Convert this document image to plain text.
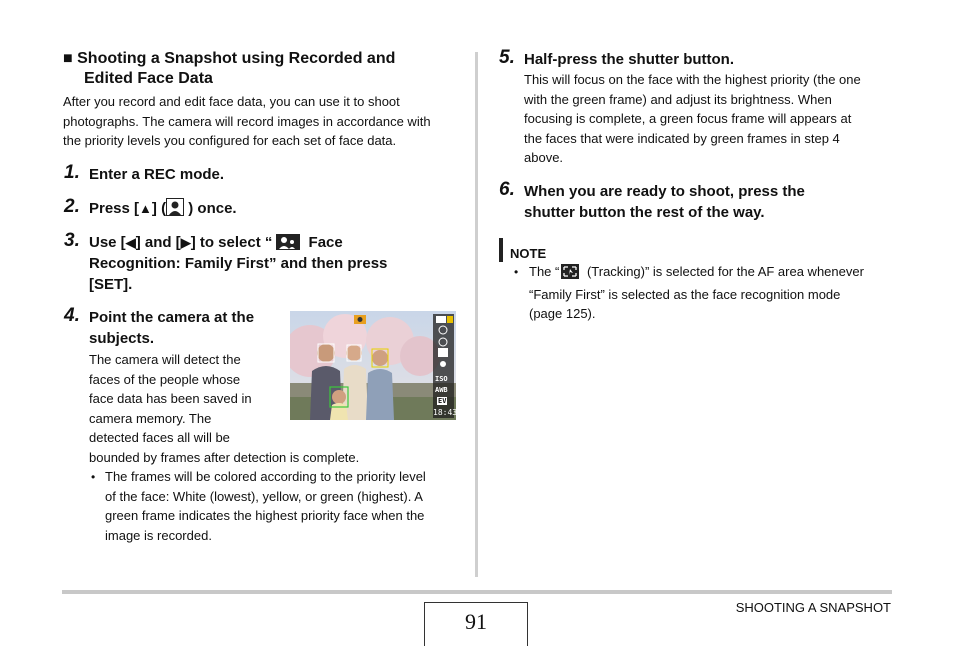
■ Shooting a Snapshot using Recorded and
Edited Face Data
After you record and edit face data, you can use it to shoot
photographs. The camera will record images in accordance with
the priority levels you configured for each set of face data.
1. Enter a REC mode.
2. Press [▲] ( ) once.
3. Use [◀] and [▶] to select “ Face
Recognition: Family First” and then press
[SET].
4. Point the camera at the
subjects.
The camera will detect the
faces of the people whose
face data has been saved in
camera memory. The
detected faces all will be
bounded by frames after detection is complete.
• The frames will be colored according to the priority level
of the face: White (lowest), yellow, or green (highest). A
green frame indicates the highest priority face when the
image is recorded.
ISO
AWB
EV
18:43
5. Half-press the shutter button.
This will focus on the face with the highest priority (the one
with the green frame) and adjust its brightness. When
focusing is complete, a green focus frame will appears at
the faces that were indicated by green frames in step 4
above.
6. When you are ready to shoot, press the
shutter button the rest of the way.
NOTE
• The “ (Tracking)” is selected for the AF area whenever
“Family First” is selected as the face recognition mode
(page 125).
91
SHOOTING A SNAPSHOT
